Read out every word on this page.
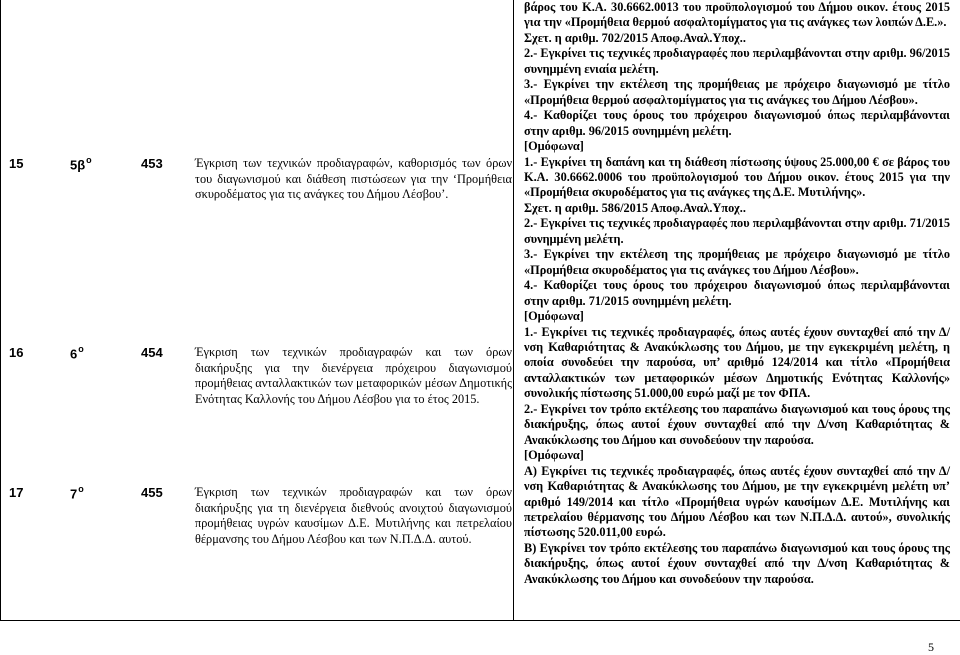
15	$5\beta^o$	453	Έγκριση των τεχνικών προδιαγραφών, καθορισμός των όρων του διαγωνισμού και διάθεση πιστώσεων για την ‘Προμήθεια σκυροδέματος για τις ανάγκες του Δήμου Λέσβου’.
16	$6^o$	454	Έγκριση των τεχνικών προδιαγραφών και των όρων διακήρυξης για την διενέργεια πρόχειρου διαγωνισμού προμήθειας ανταλλακτικών των μεταφορικών μέσων Δημοτικής Ενότητας Καλλονής του Δήμου Λέσβου για το έτος 2015.
17	$7^o$	455	Έγκριση των τεχνικών προδιαγραφών και των όρων διακήρυξης για τη διενέργεια διεθνούς ανοιχτού διαγωνισμού προμήθειας υγρών καυσίμων Δ.Ε. Μυτιλήνης και πετρελαίου θέρμανσης του Δήμου Λέσβου και των Ν.Π.Δ.Δ. αυτού.

βάρος του Κ.Α. 30.6662.0013 του προϋπολογισμού του Δήμου οικον. έτους 2015 για την «Προμήθεια θερμού ασφαλτομίγματος για τις ανάγκες των λοιπών Δ.Ε.».

Σχετ. η αριθμ. 702/2015 Αποφ.Αναλ.Υποχ..

2.- Εγκρίνει τις τεχνικές προδιαγραφές που περιλαμβάνονται στην αριθμ. 96/2015 συνημμένη ενιαία μελέτη.

3.- Εγκρίνει την εκτέλεση της προμήθειας με πρόχειρο διαγωνισμό με τίτλο «Προμήθεια θερμού ασφαλτομίγματος για τις ανάγκες του Δήμου Λέσβου».

4.- Καθορίζει τους όρους του πρόχειρου διαγωνισμού όπως περιλαμβάνονται στην αριθμ. 96/2015 συνημμένη μελέτη.

[Ομόφωνα]

1.- Εγκρίνει τη δαπάνη και τη διάθεση πίστωσης ύψους 25.000,00 € σε βάρος του Κ.Α. 30.6662.0006 του προϋπολογισμού του Δήμου οικον. έτους 2015 για την «Προμήθεια σκυροδέματος για τις ανάγκες της Δ.Ε. Μυτιλήνης».

Σχετ. η αριθμ. 586/2015 Αποφ.Αναλ.Υποχ..

2.- Εγκρίνει τις τεχνικές προδιαγραφές που περιλαμβάνονται στην αριθμ. 71/2015 συνημμένη μελέτη.

3.- Εγκρίνει την εκτέλεση της προμήθειας με πρόχειρο διαγωνισμό με τίτλο «Προμήθεια σκυροδέματος για τις ανάγκες του Δήμου Λέσβου».

4.- Καθορίζει τους όρους του πρόχειρου διαγωνισμού όπως περιλαμβάνονται στην αριθμ. 71/2015 συνημμένη μελέτη.

[Ομόφωνα]

1.- Εγκρίνει τις τεχνικές προδιαγραφές, όπως αυτές έχουν συνταχθεί από την Δ/νση Καθαριότητας & Ανακύκλωσης του Δήμου, με την εγκεκριμένη μελέτη, η οποία συνοδεύει την παρούσα, υπ’ αριθμό 124/2014 και τίτλο «Προμήθεια ανταλλακτικών των μεταφορικών μέσων Δημοτικής Ενότητας Καλλονής» συνολικής πίστωσης 51.000,00 ευρώ μαζί με τον ΦΠΑ.

2.- Εγκρίνει τον τρόπο εκτέλεσης του παραπάνω διαγωνισμού και τους όρους της διακήρυξης, όπως αυτοί έχουν συνταχθεί από την Δ/νση Καθαριότητας & Ανακύκλωσης του Δήμου και συνοδεύουν την παρούσα.

[Ομόφωνα]

Α) Εγκρίνει τις τεχνικές προδιαγραφές, όπως αυτές έχουν συνταχθεί από την Δ/νση Καθαριότητας & Ανακύκλωσης του Δήμου, με την εγκεκριμένη μελέτη υπ’ αριθμό 149/2014 και τίτλο «Προμήθεια υγρών καυσίμων Δ.Ε. Μυτιλήνης και πετρελαίου θέρμανσης του Δήμου Λέσβου και των Ν.Π.Δ.Δ. αυτού», συνολικής πίστωσης 520.011,00 ευρώ.

Β) Εγκρίνει τον τρόπο εκτέλεσης του παραπάνω διαγωνισμού και τους όρους της διακήρυξης, όπως αυτοί έχουν συνταχθεί από την Δ/νση Καθαριότητας & Ανακύκλωσης του Δήμου και συνοδεύουν την παρούσα.

5
